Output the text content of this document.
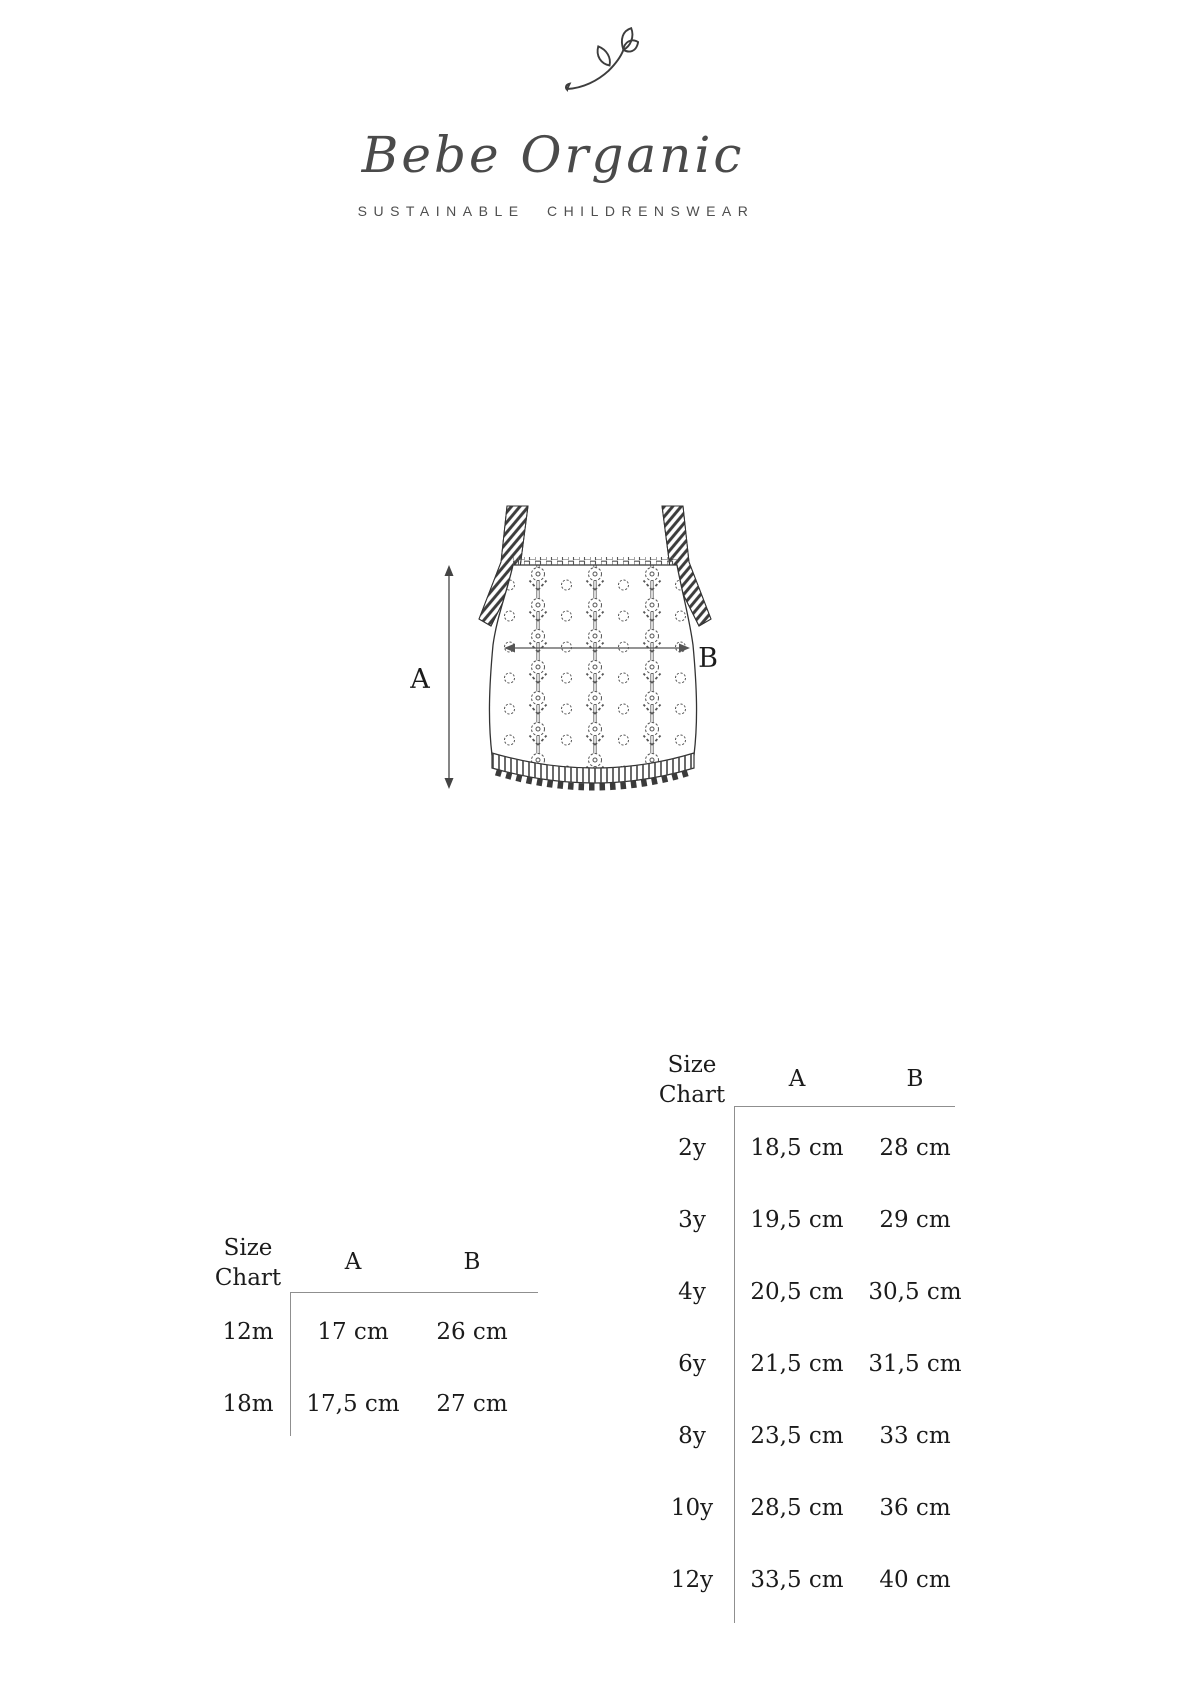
Bebe Organic
SUSTAINABLE CHILDRENSWEAR
A
B
Size
Chart
A	B
12m 17 cm 26 cm
18m 17,5 cm 27 cm
Size
Chart
A	B
2y 18,5 cm 28 cm
3y 19,5 cm 29 cm
4y 20,5 cm 30,5 cm
6y 21,5 cm 31,5 cm
8y 23,5 cm 33 cm
10y 28,5 cm 36 cm
12y 33,5 cm 40 cm
